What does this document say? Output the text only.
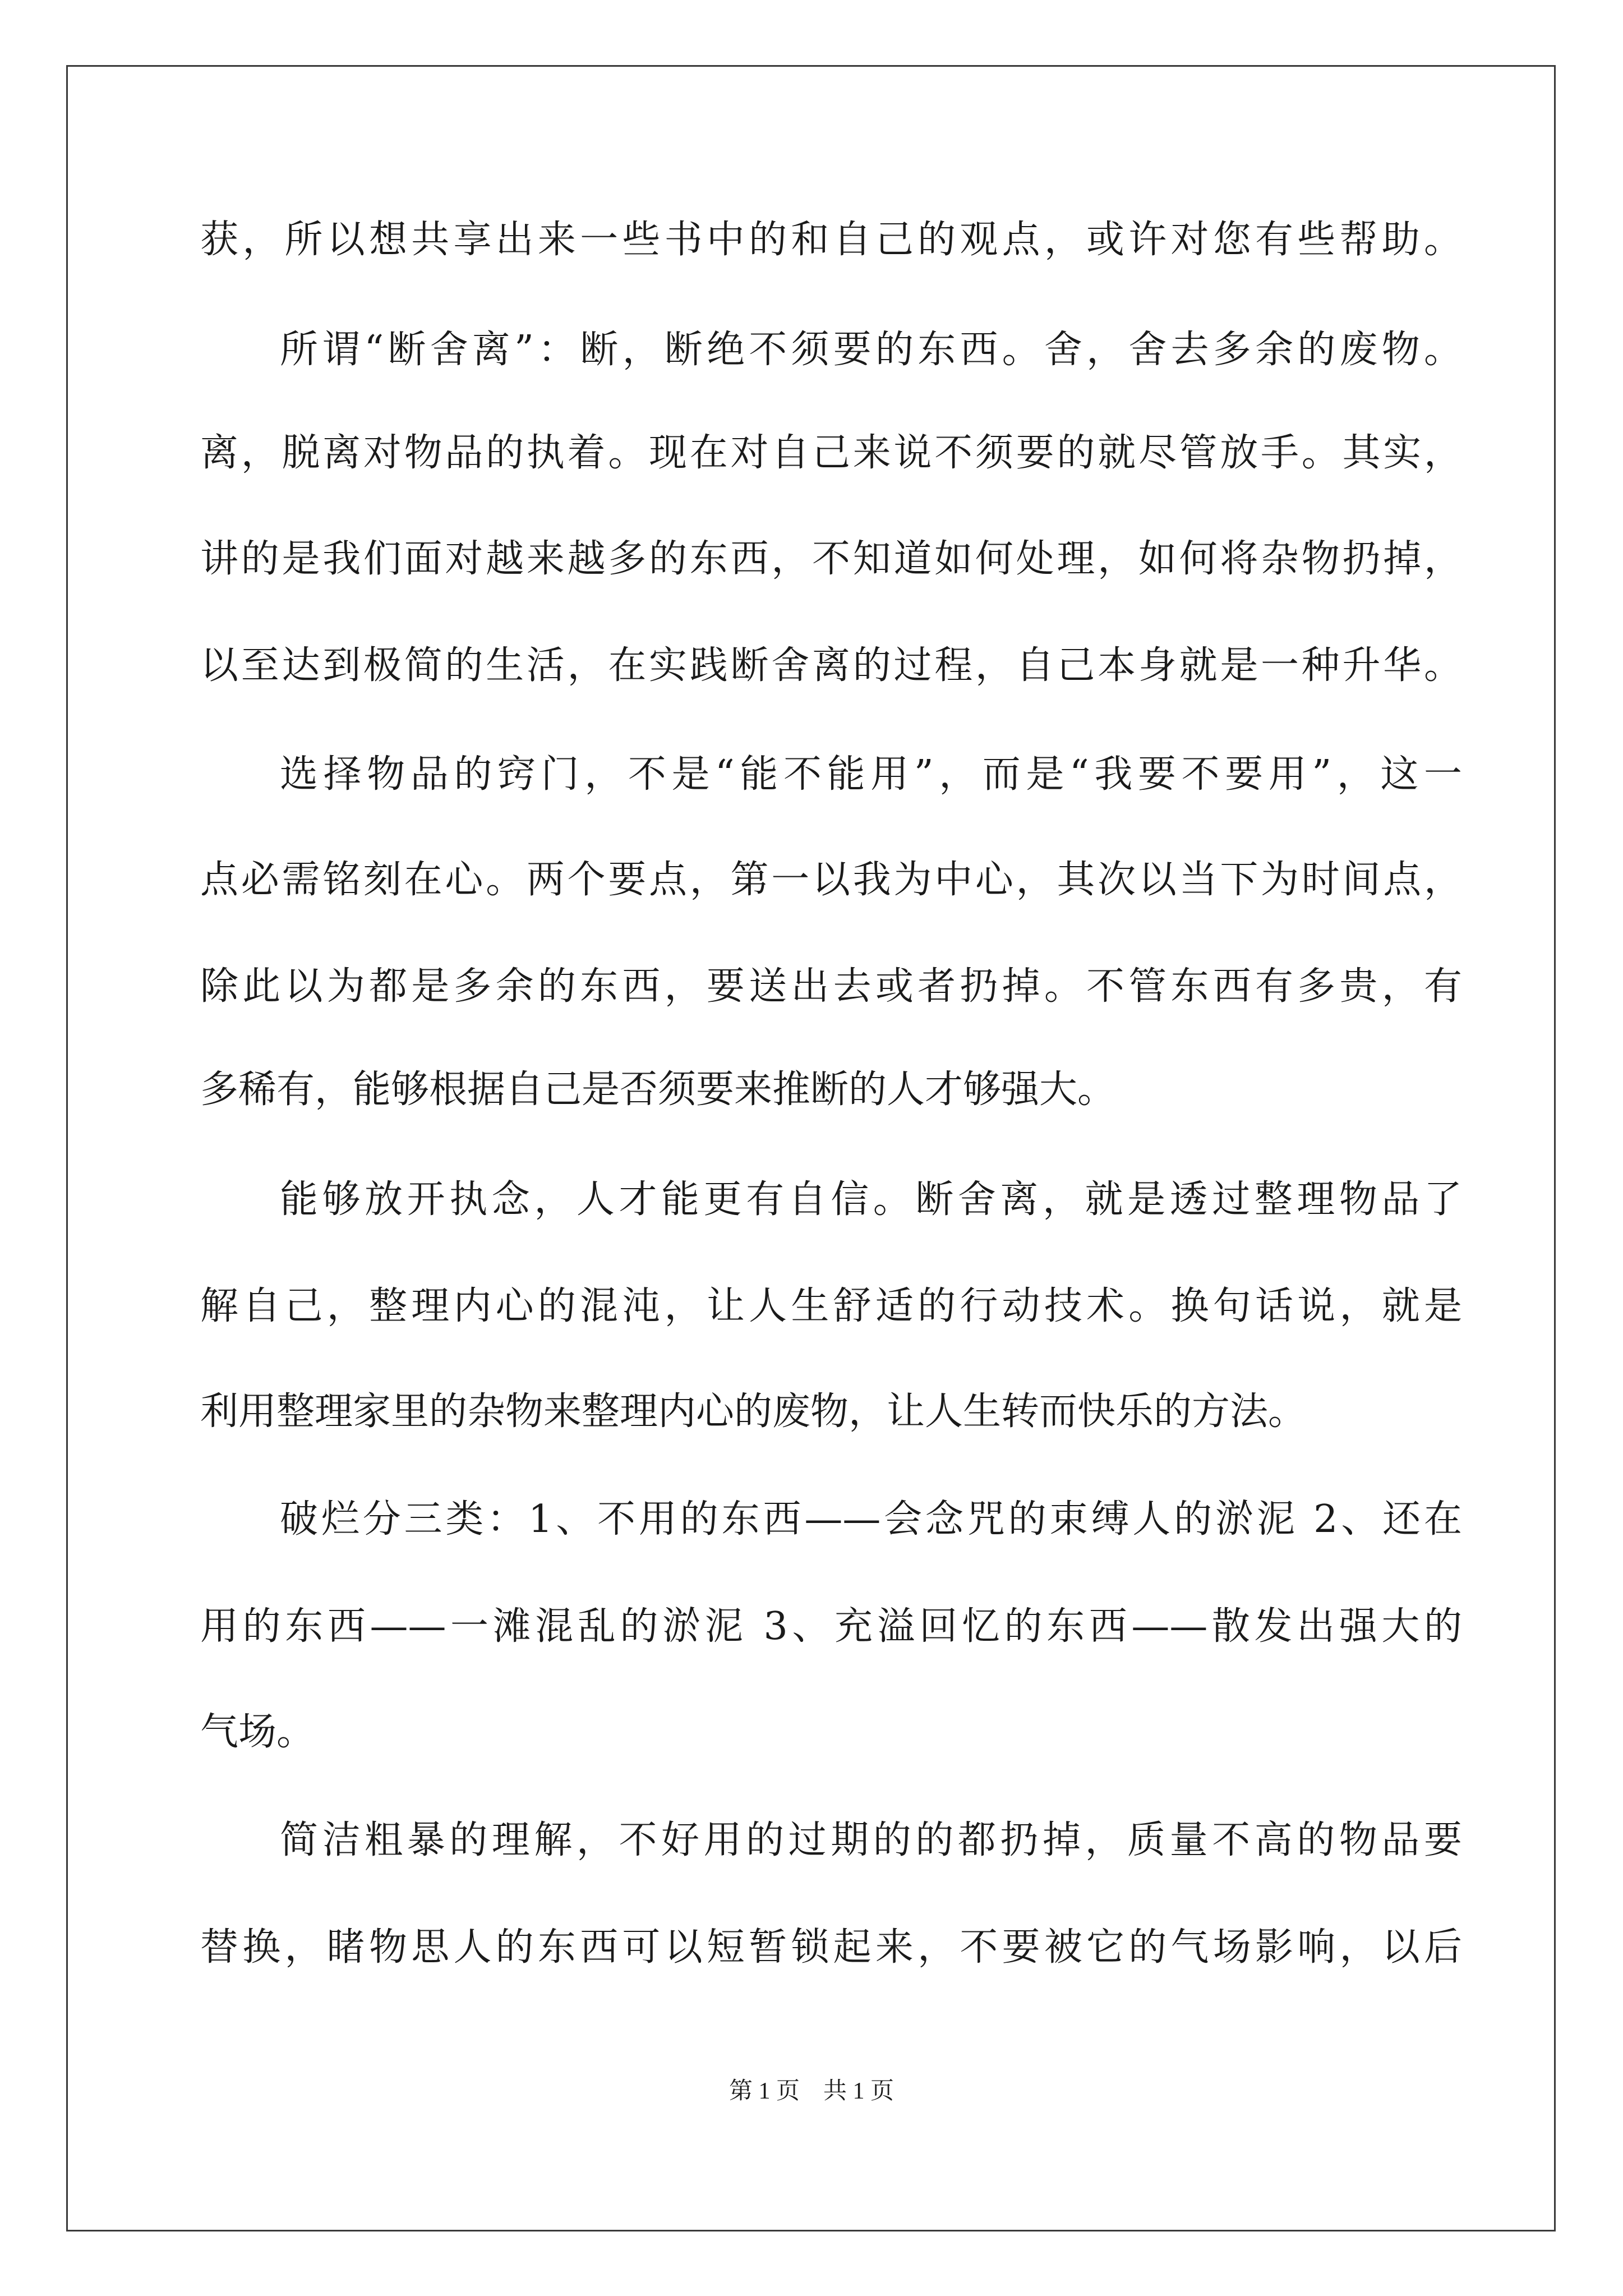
获，所以想共享出来一些书中的和自己的观点，或许对您有些帮助。

所谓“断舍离”：断，断绝不须要的东西。舍，舍去多余的废物。

离，脱离对物品的执着。现在对自己来说不须要的就尽管放手。其实，

讲的是我们面对越来越多的东西，不知道如何处理，如何将杂物扔掉，

以至达到极简的生活，在实践断舍离的过程，自己本身就是一种升华。

选择物品的窍门，不是“能不能用”，而是“我要不要用”，这一

点必需铭刻在心。两个要点，第一以我为中心，其次以当下为时间点，

除此以为都是多余的东西，要送出去或者扔掉。不管东西有多贵，有

多稀有，能够根据自己是否须要来推断的人才够强大。

能够放开执念，人才能更有自信。断舍离，就是透过整理物品了

解自己，整理内心的混沌，让人生舒适的行动技术。换句话说，就是

利用整理家里的杂物来整理内心的废物，让人生转而快乐的方法。

破烂分三类：1、不用的东西——会念咒的束缚人的淤泥 2、还在

用的东西——一滩混乱的淤泥 3、充溢回忆的东西——散发出强大的

气场。

简洁粗暴的理解，不好用的过期的的都扔掉，质量不高的物品要

替换，睹物思人的东西可以短暂锁起来，不要被它的气场影响，以后

第 1 页　共 1 页
